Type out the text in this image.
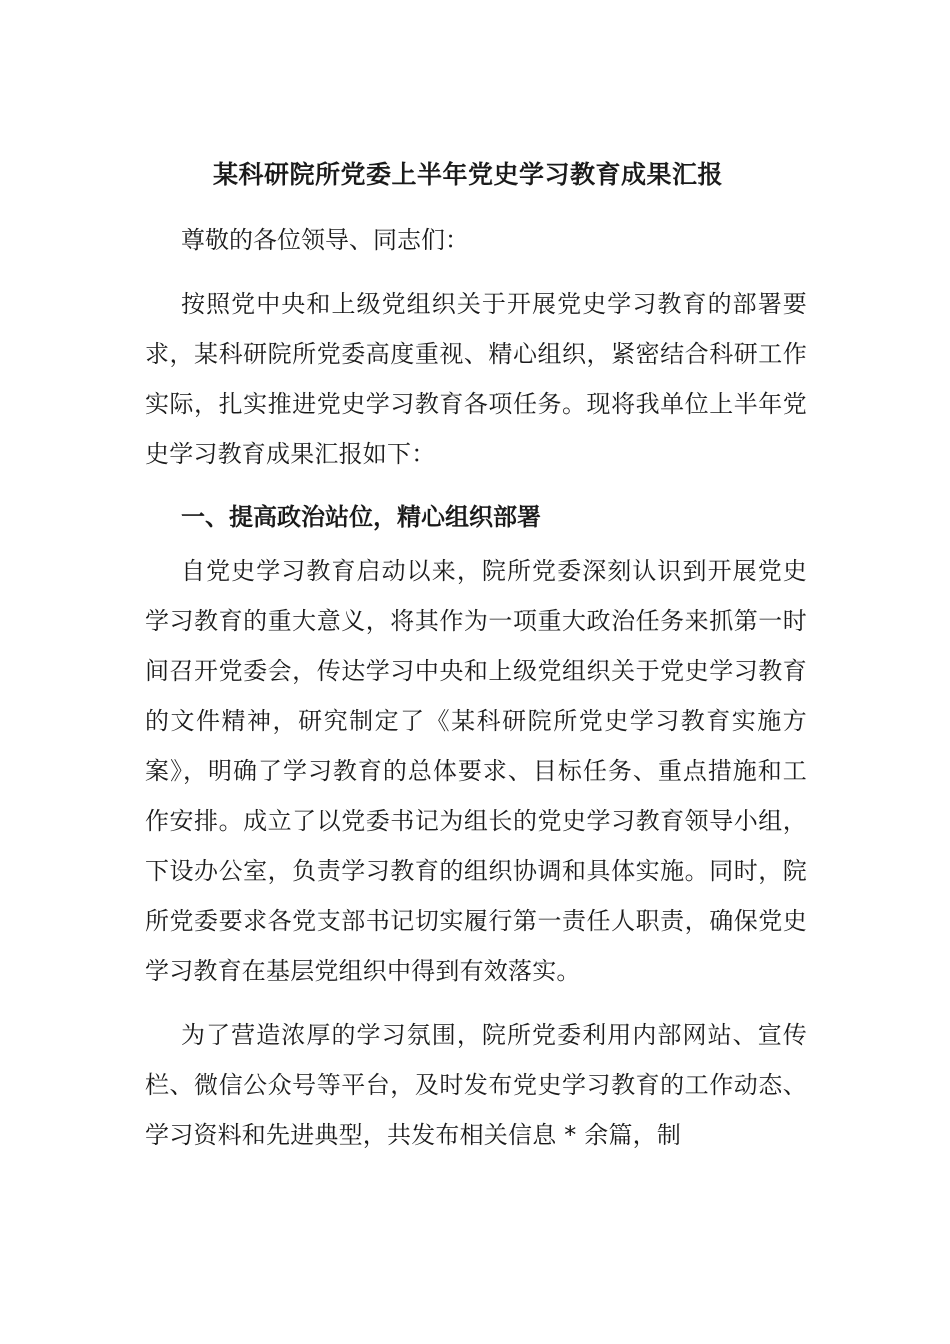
某科研院所党委上半年党史学习教育成果汇报

尊敬的各位领导、同志们：

按照党中央和上级党组织关于开展党史学习教育的部署要求，某科研院所党委高度重视、精心组织，紧密结合科研工作实际，扎实推进党史学习教育各项任务。现将我单位上半年党史学习教育成果汇报如下：

一、提高政治站位，精心组织部署

自党史学习教育启动以来，院所党委深刻认识到开展党史学习教育的重大意义，将其作为一项重大政治任务来抓第一时间召开党委会，传达学习中央和上级党组织关于党史学习教育的文件精神，研究制定了《某科研院所党史学习教育实施方案》，明确了学习教育的总体要求、目标任务、重点措施和工作安排。成立了以党委书记为组长的党史学习教育领导小组，下设办公室，负责学习教育的组织协调和具体实施。同时，院所党委要求各党支部书记切实履行第一责任人职责，确保党史学习教育在基层党组织中得到有效落实。

为了营造浓厚的学习氛围，院所党委利用内部网站、宣传栏、微信公众号等平台，及时发布党史学习教育的工作动态、学习资料和先进典型，共发布相关信息 * 余篇，制
